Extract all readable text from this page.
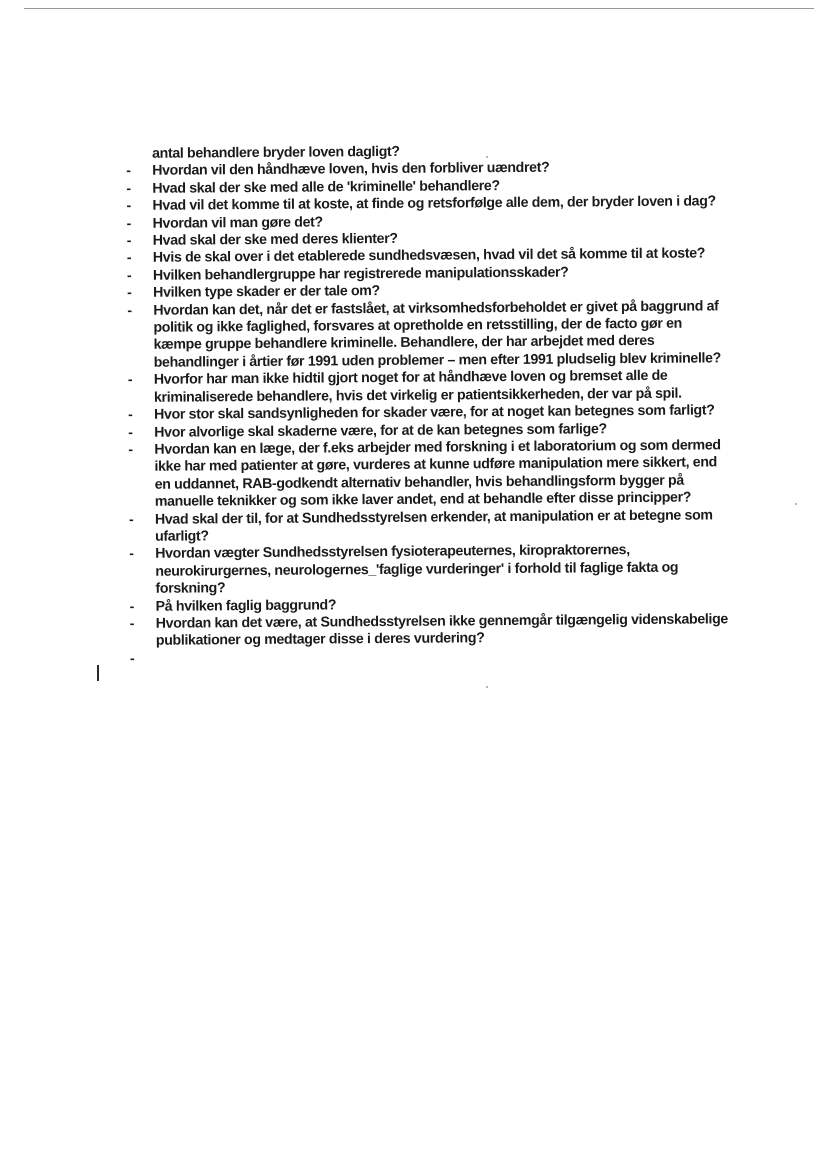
antal behandlere bryder loven dagligt?

- Hvordan vil den håndhæve loven, hvis den forbliver uændret?
- Hvad skal der ske med alle de 'kriminelle' behandlere?
- Hvad vil det komme til at koste, at finde og retsforfølge alle dem, der bryder loven i dag?
- Hvordan vil man gøre det?
- Hvad skal der ske med deres klienter?
- Hvis de skal over i det etablerede sundhedsvæsen, hvad vil det så komme til at koste?
- Hvilken behandlergruppe har registrerede manipulationsskader?
- Hvilken type skader er der tale om?
- Hvordan kan det, når det er fastslået, at virksomhedsforbeholdet er givet på baggrund af politik og ikke faglighed, forsvares at opretholde en retsstilling, der de facto gør en kæmpe gruppe behandlere kriminelle. Behandlere, der har arbejdet med deres behandlinger i årtier før 1991 uden problemer – men efter 1991 pludselig blev kriminelle?
- Hvorfor har man ikke hidtil gjort noget for at håndhæve loven og bremset alle de kriminaliserede behandlere, hvis det virkelig er patientsikkerheden, der var på spil.
- Hvor stor skal sandsynligheden for skader være, for at noget kan betegnes som farligt?
- Hvor alvorlige skal skaderne være, for at de kan betegnes som farlige?
- Hvordan kan en læge, der f.eks arbejder med forskning i et laboratorium og som dermed ikke har med patienter at gøre, vurderes at kunne udføre manipulation mere sikkert, end en uddannet, RAB-godkendt alternativ behandler, hvis behandlingsform bygger på manuelle teknikker og som ikke laver andet, end at behandle efter disse principper?
- Hvad skal der til, for at Sundhedsstyrelsen erkender, at manipulation er at betegne som ufarligt?
- Hvordan vægter Sundhedsstyrelsen fysioterapeuternes, kiropraktorernes, neurokirurgernes, neurologernes_'faglige vurderinger' i forhold til faglige fakta og forskning?
- På hvilken faglig baggrund?
- Hvordan kan det være, at Sundhedsstyrelsen ikke gennemgår tilgængelig videnskabelige publikationer og medtager disse i deres vurdering?
-
